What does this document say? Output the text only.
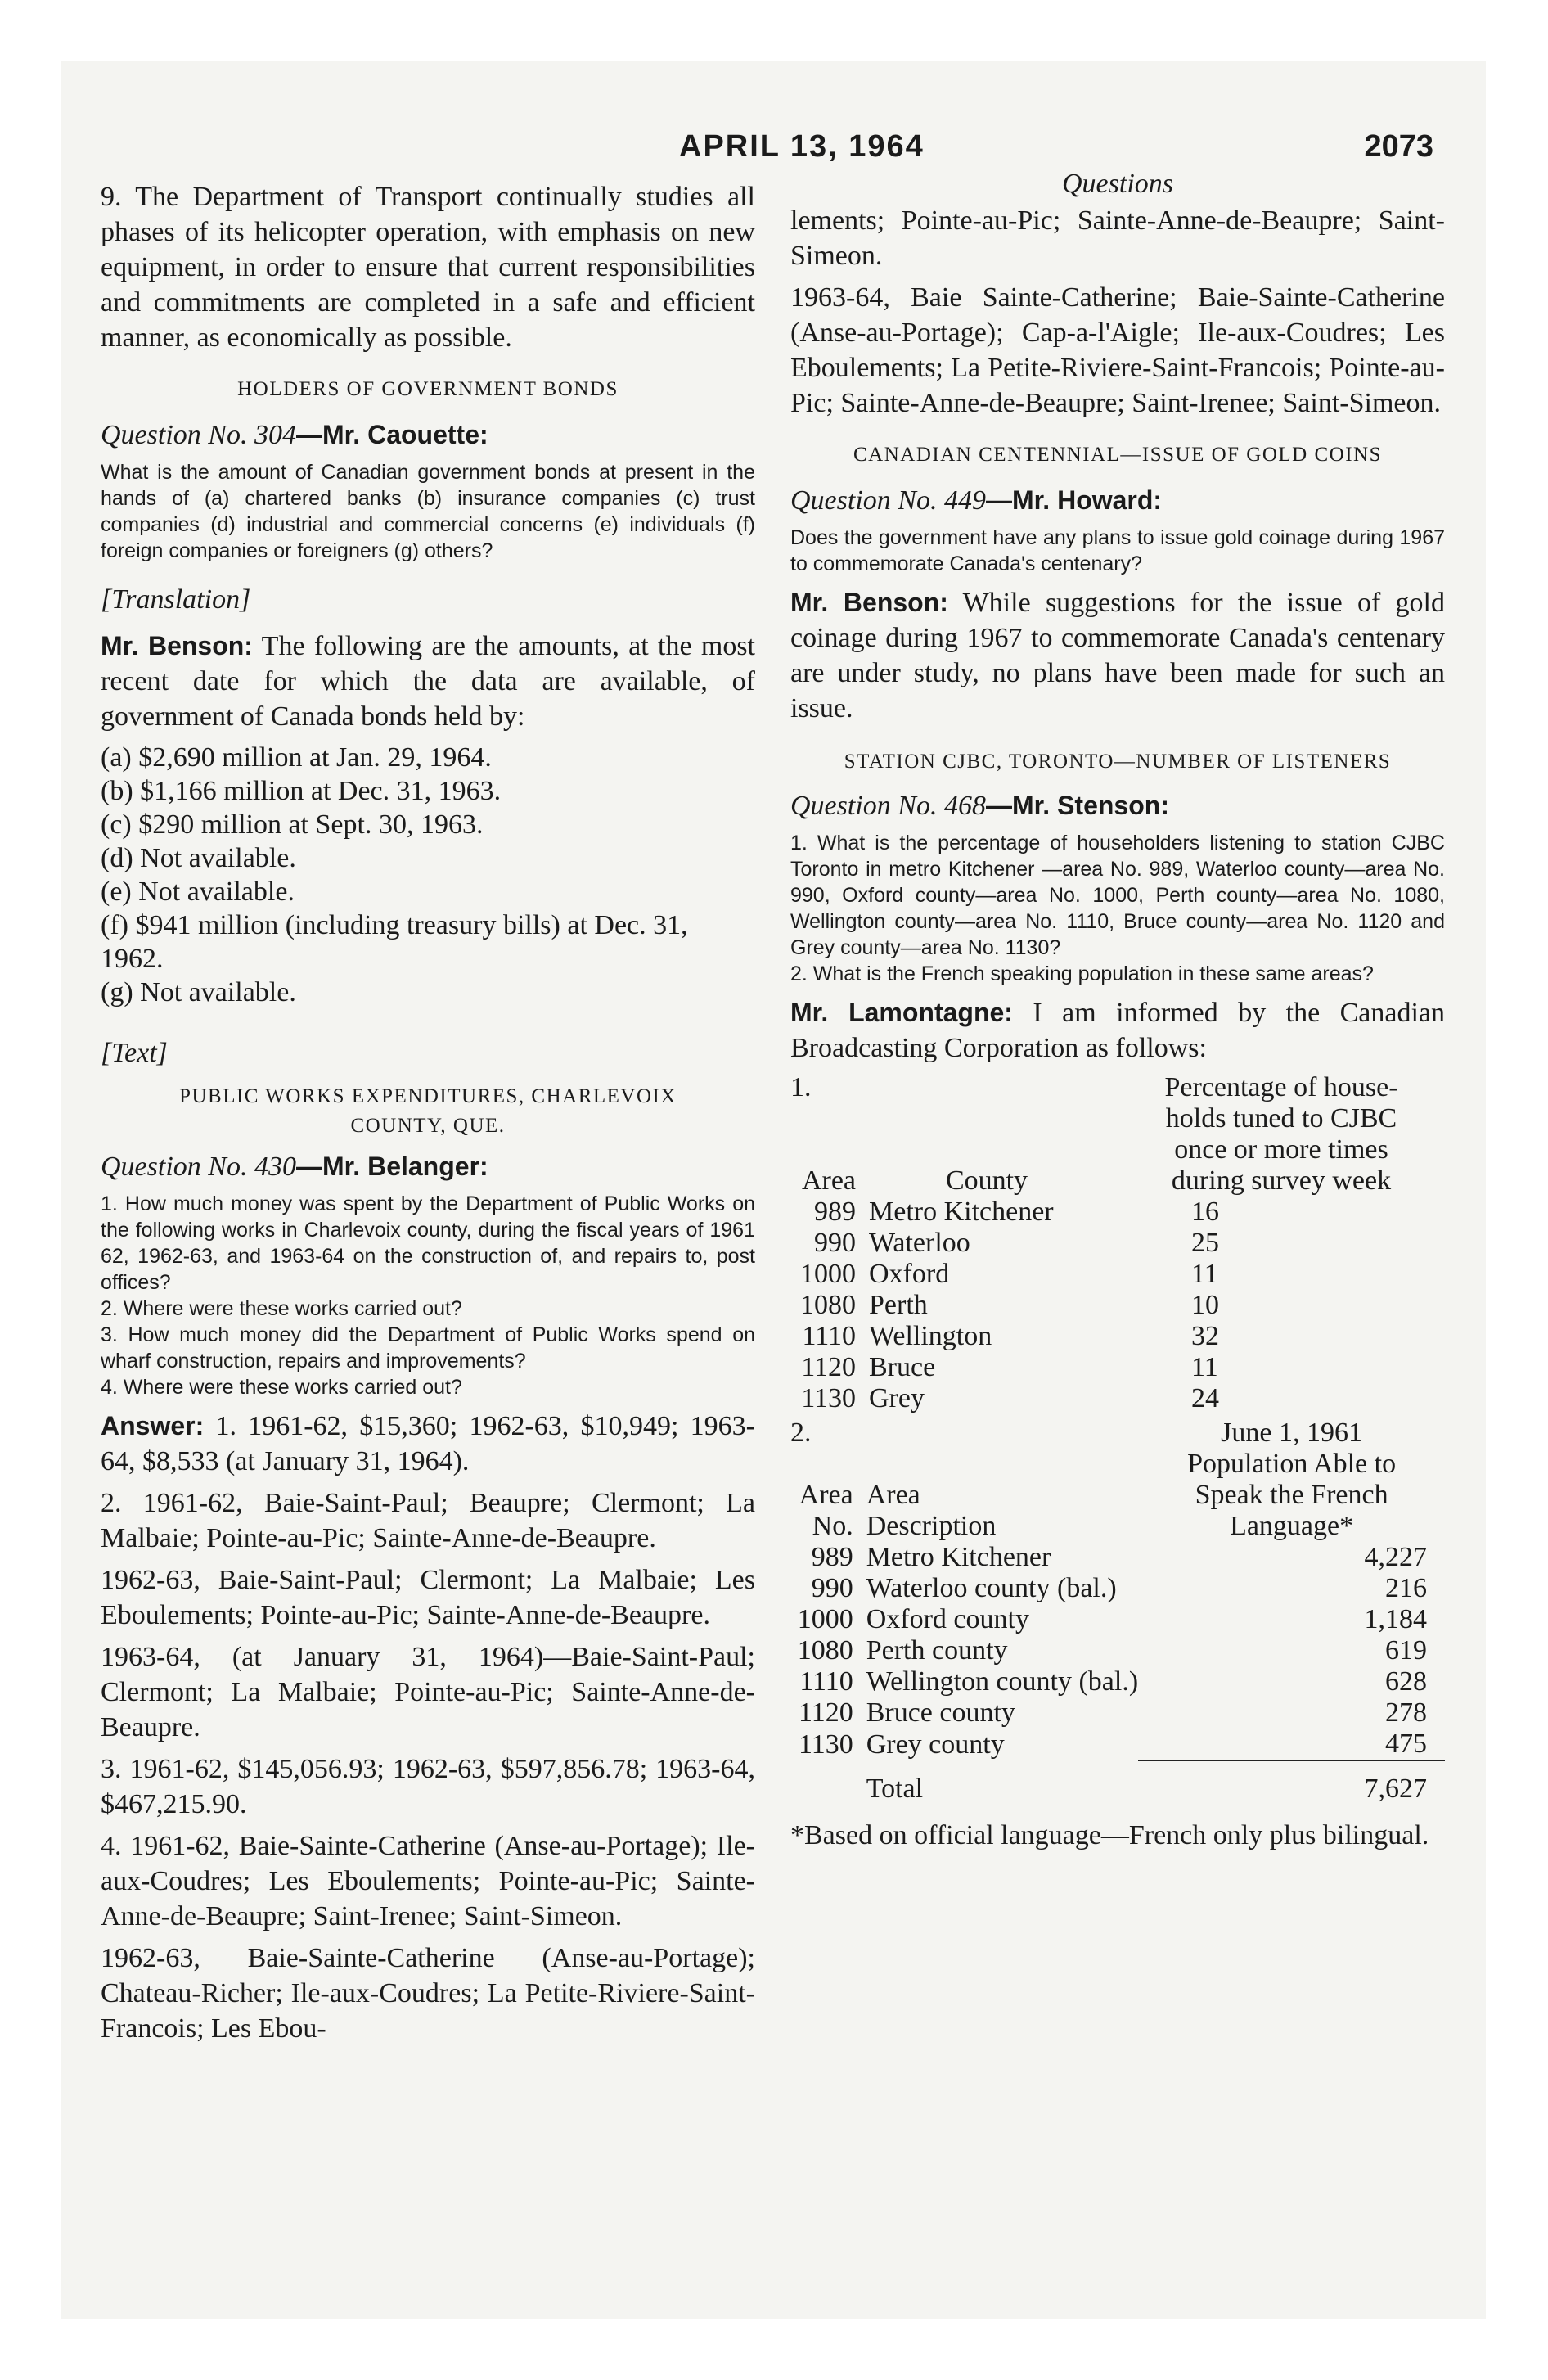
APRIL 13, 1964	2073

9. The Department of Transport continually studies all phases of its helicopter operation, with emphasis on new equipment, in order to ensure that current responsibilities and commitments are completed in a safe and efficient manner, as economically as possible.

HOLDERS OF GOVERNMENT BONDS
Question No. 304—Mr. Caouette:
What is the amount of Canadian government bonds at present in the hands of (a) chartered banks (b) insurance companies (c) trust companies (d) industrial and commercial concerns (e) individuals (f) foreign companies or foreigners (g) others?
[Translation]

Mr. Benson: The following are the amounts, at the most recent date for which the data are available, of government of Canada bonds held by:

(a) $2,690 million at Jan. 29, 1964.
(b) $1,166 million at Dec. 31, 1963.
(c) $290 million at Sept. 30, 1963.
(d) Not available.
(e) Not available.
(f) $941 million (including treasury bills) at Dec. 31, 1962.
(g) Not available.
[Text]
PUBLIC WORKS EXPENDITURES, CHARLEVOIX COUNTY, QUE.
Question No. 430—Mr. Belanger:
1. How much money was spent by the Department of Public Works on the following works in Charlevoix county, during the fiscal years of 1961 62, 1962-63, and 1963-64 on the construction of, and repairs to, post offices?
2. Where were these works carried out?
3. How much money did the Department of Public Works spend on wharf construction, repairs and improvements?
4. Where were these works carried out?

Answer: 1. 1961-62, $15,360; 1962-63, $10,949; 1963-64, $8,533 (at January 31, 1964).

2. 1961-62, Baie-Saint-Paul; Beaupre; Clermont; La Malbaie; Pointe-au-Pic; Sainte-Anne-de-Beaupre.

1962-63, Baie-Saint-Paul; Clermont; La Malbaie; Les Eboulements; Pointe-au-Pic; Sainte-Anne-de-Beaupre.

1963-64, (at January 31, 1964)—Baie-Saint-Paul; Clermont; La Malbaie; Pointe-au-Pic; Sainte-Anne-de-Beaupre.

3. 1961-62, $145,056.93; 1962-63, $597,856.78; 1963-64, $467,215.90.

4. 1961-62, Baie-Sainte-Catherine (Anse-au-Portage); Ile-aux-Coudres; Les Eboulements; Pointe-au-Pic; Sainte-Anne-de-Beaupre; Saint-Irenee; Saint-Simeon.

1962-63, Baie-Sainte-Catherine (Anse-au-Portage); Chateau-Richer; Ile-aux-Coudres; La Petite-Riviere-Saint-Francois; Les Ebou-

Questions

lements; Pointe-au-Pic; Sainte-Anne-de-Beaupre; Saint-Simeon.

1963-64, Baie Sainte-Catherine; Baie-Sainte-Catherine (Anse-au-Portage); Cap-a-l'Aigle; Ile-aux-Coudres; Les Eboulements; La Petite-Riviere-Saint-Francois; Pointe-au-Pic; Sainte-Anne-de-Beaupre; Saint-Irenee; Saint-Simeon.

CANADIAN CENTENNIAL—ISSUE OF GOLD COINS
Question No. 449—Mr. Howard:
Does the government have any plans to issue gold coinage during 1967 to commemorate Canada's centenary?

Mr. Benson: While suggestions for the issue of gold coinage during 1967 to commemorate Canada's centenary are under study, no plans have been made for such an issue.

STATION CJBC, TORONTO—NUMBER OF LISTENERS
Question No. 468—Mr. Stenson:
1. What is the percentage of householders listening to station CJBC Toronto in metro Kitchener —area No. 989, Waterloo county—area No. 990, Oxford county—area No. 1000, Perth county—area No. 1080, Wellington county—area No. 1110, Bruce county—area No. 1120 and Grey county—area No. 1130?
2. What is the French speaking population in these same areas?

Mr. Lamontagne: I am informed by the Canadian Broadcasting Corporation as follows:

1.		Percentage of house-
		holds tuned to CJBC
		once or more times
Area	County	during survey week
989	Metro Kitchener	16
990	Waterloo	25
1000	Oxford	11
1080	Perth	10
1110	Wellington	32
1120	Bruce	11
1130	Grey	24
2.		June 1, 1961
		Population Able to
Area	Area	Speak the French
No.	Description	Language*
989	Metro Kitchener	4,227
990	Waterloo county (bal.)	216
1000	Oxford county	1,184
1080	Perth county	619
1110	Wellington county (bal.)	628
1120	Bruce county	278
1130	Grey county	475

	Total	7,627

*Based on official language—French only plus bilingual.
